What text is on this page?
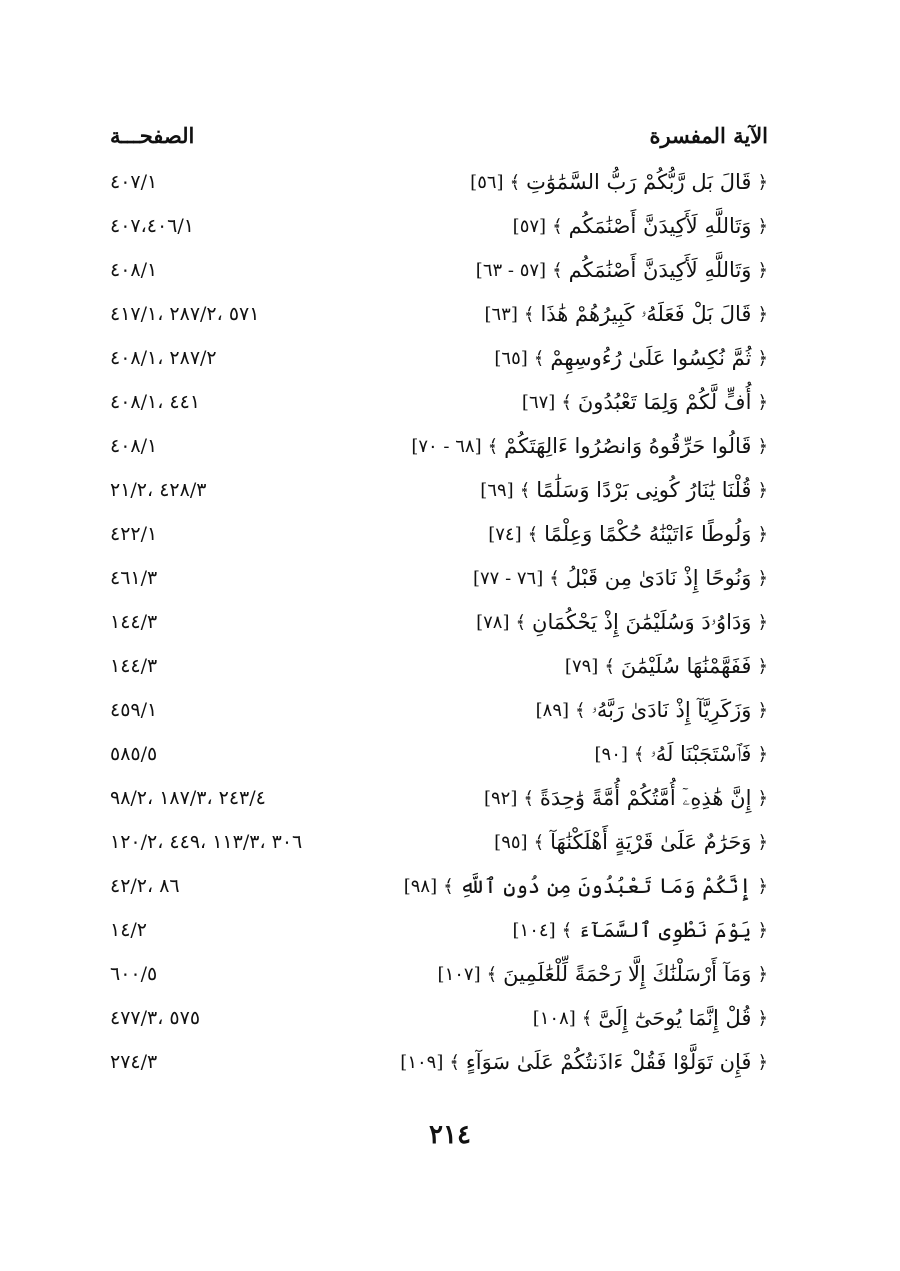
الصفحـــة	الآية المفسرة
٤٠٧/١	﴿
قَالَ بَل رَّبُّكُمْ رَبُّ السَّمَٰوَٰتِ
﴾
[٥٦]
٤٠٧،٤٠٦/١	﴿
وَتَاللَّهِ لَأَكِيدَنَّ أَصْنَٰمَكُم
﴾
[٥٧]
٤٠٨/١	﴿
وَتَاللَّهِ لَأَكِيدَنَّ أَصْنَٰمَكُم
﴾
[٥٧ - ٦٣]
٥٧١ ،٢٨٧/٢ ،٤١٧/١	﴿
قَالَ بَلْ فَعَلَهُۥ كَبِيرُهُمْ هَٰذَا
﴾
[٦٣]
٢٨٧/٢ ،٤٠٨/١	﴿
ثُمَّ نُكِسُوا عَلَىٰ رُءُوسِهِمْ
﴾
[٦٥]
٤٤١ ،٤٠٨/١	﴿
أُفٍّ لَّكُمْ وَلِمَا تَعْبُدُونَ
﴾
[٦٧]
٤٠٨/١	﴿
قَالُوا حَرِّقُوهُ وَانصُرُوا ءَالِهَتَكُمْ
﴾
[٦٨ - ٧٠]
٤٢٨/٣ ،٢١/٢	﴿
قُلْنَا يَٰنَارُ كُونِى بَرْدًا وَسَلَٰمًا
﴾
[٦٩]
٤٢٢/١	﴿
وَلُوطًا ءَاتَيْنَٰهُ حُكْمًا وَعِلْمًا
﴾
[٧٤]
٤٦١/٣	﴿
وَنُوحًا إِذْ نَادَىٰ مِن قَبْلُ
﴾
[٧٦ - ٧٧]
١٤٤/٣	﴿
وَدَاوُۥدَ وَسُلَيْمَٰنَ إِذْ يَحْكُمَانِ
﴾
[٧٨]
١٤٤/٣	﴿
فَفَهَّمْنَٰهَا سُلَيْمَٰنَ
﴾
[٧٩]
٤٥٩/١	﴿
وَزَكَرِيَّآ إِذْ نَادَىٰ رَبَّهُۥ
﴾
[٨٩]
٥٨٥/٥	﴿
فَٱسْتَجَبْنَا لَهُۥ
﴾
[٩٠]
٢٤٣/٤ ،١٨٧/٣ ،٩٨/٢	﴿
إِنَّ هَٰذِهِۦٓ أُمَّتُكُمْ أُمَّةً وَٰحِدَةً
﴾
[٩٢]
٣٠٦ ،١١٣/٣ ،٤٤٩ ،١٢٠/٢	﴿
وَحَرَٰمٌ عَلَىٰ قَرْيَةٍ أَهْلَكْنَٰهَآ
﴾
[٩٥]
٨٦ ،٤٢/٢	﴿
إِنَّكُمْ وَمَا تَعْبُدُونَ مِن دُونِ ٱللَّهِ
﴾
[٩٨]
١٤/٢	﴿
يَوْمَ نَطْوِى ٱلسَّمَآءَ
﴾
[١٠٤]
٦٠٠/٥	﴿
وَمَآ أَرْسَلْنَٰكَ إِلَّا رَحْمَةً لِّلْعَٰلَمِينَ
﴾
[١٠٧]
٥٧٥ ،٤٧٧/٣	﴿
قُلْ إِنَّمَا يُوحَىٰٓ إِلَىَّ
﴾
[١٠٨]
٢٧٤/٣	﴿
فَإِن تَوَلَّوْا فَقُلْ ءَاذَنتُكُمْ عَلَىٰ سَوَآءٍ
﴾
[١٠٩]
٢١٤
